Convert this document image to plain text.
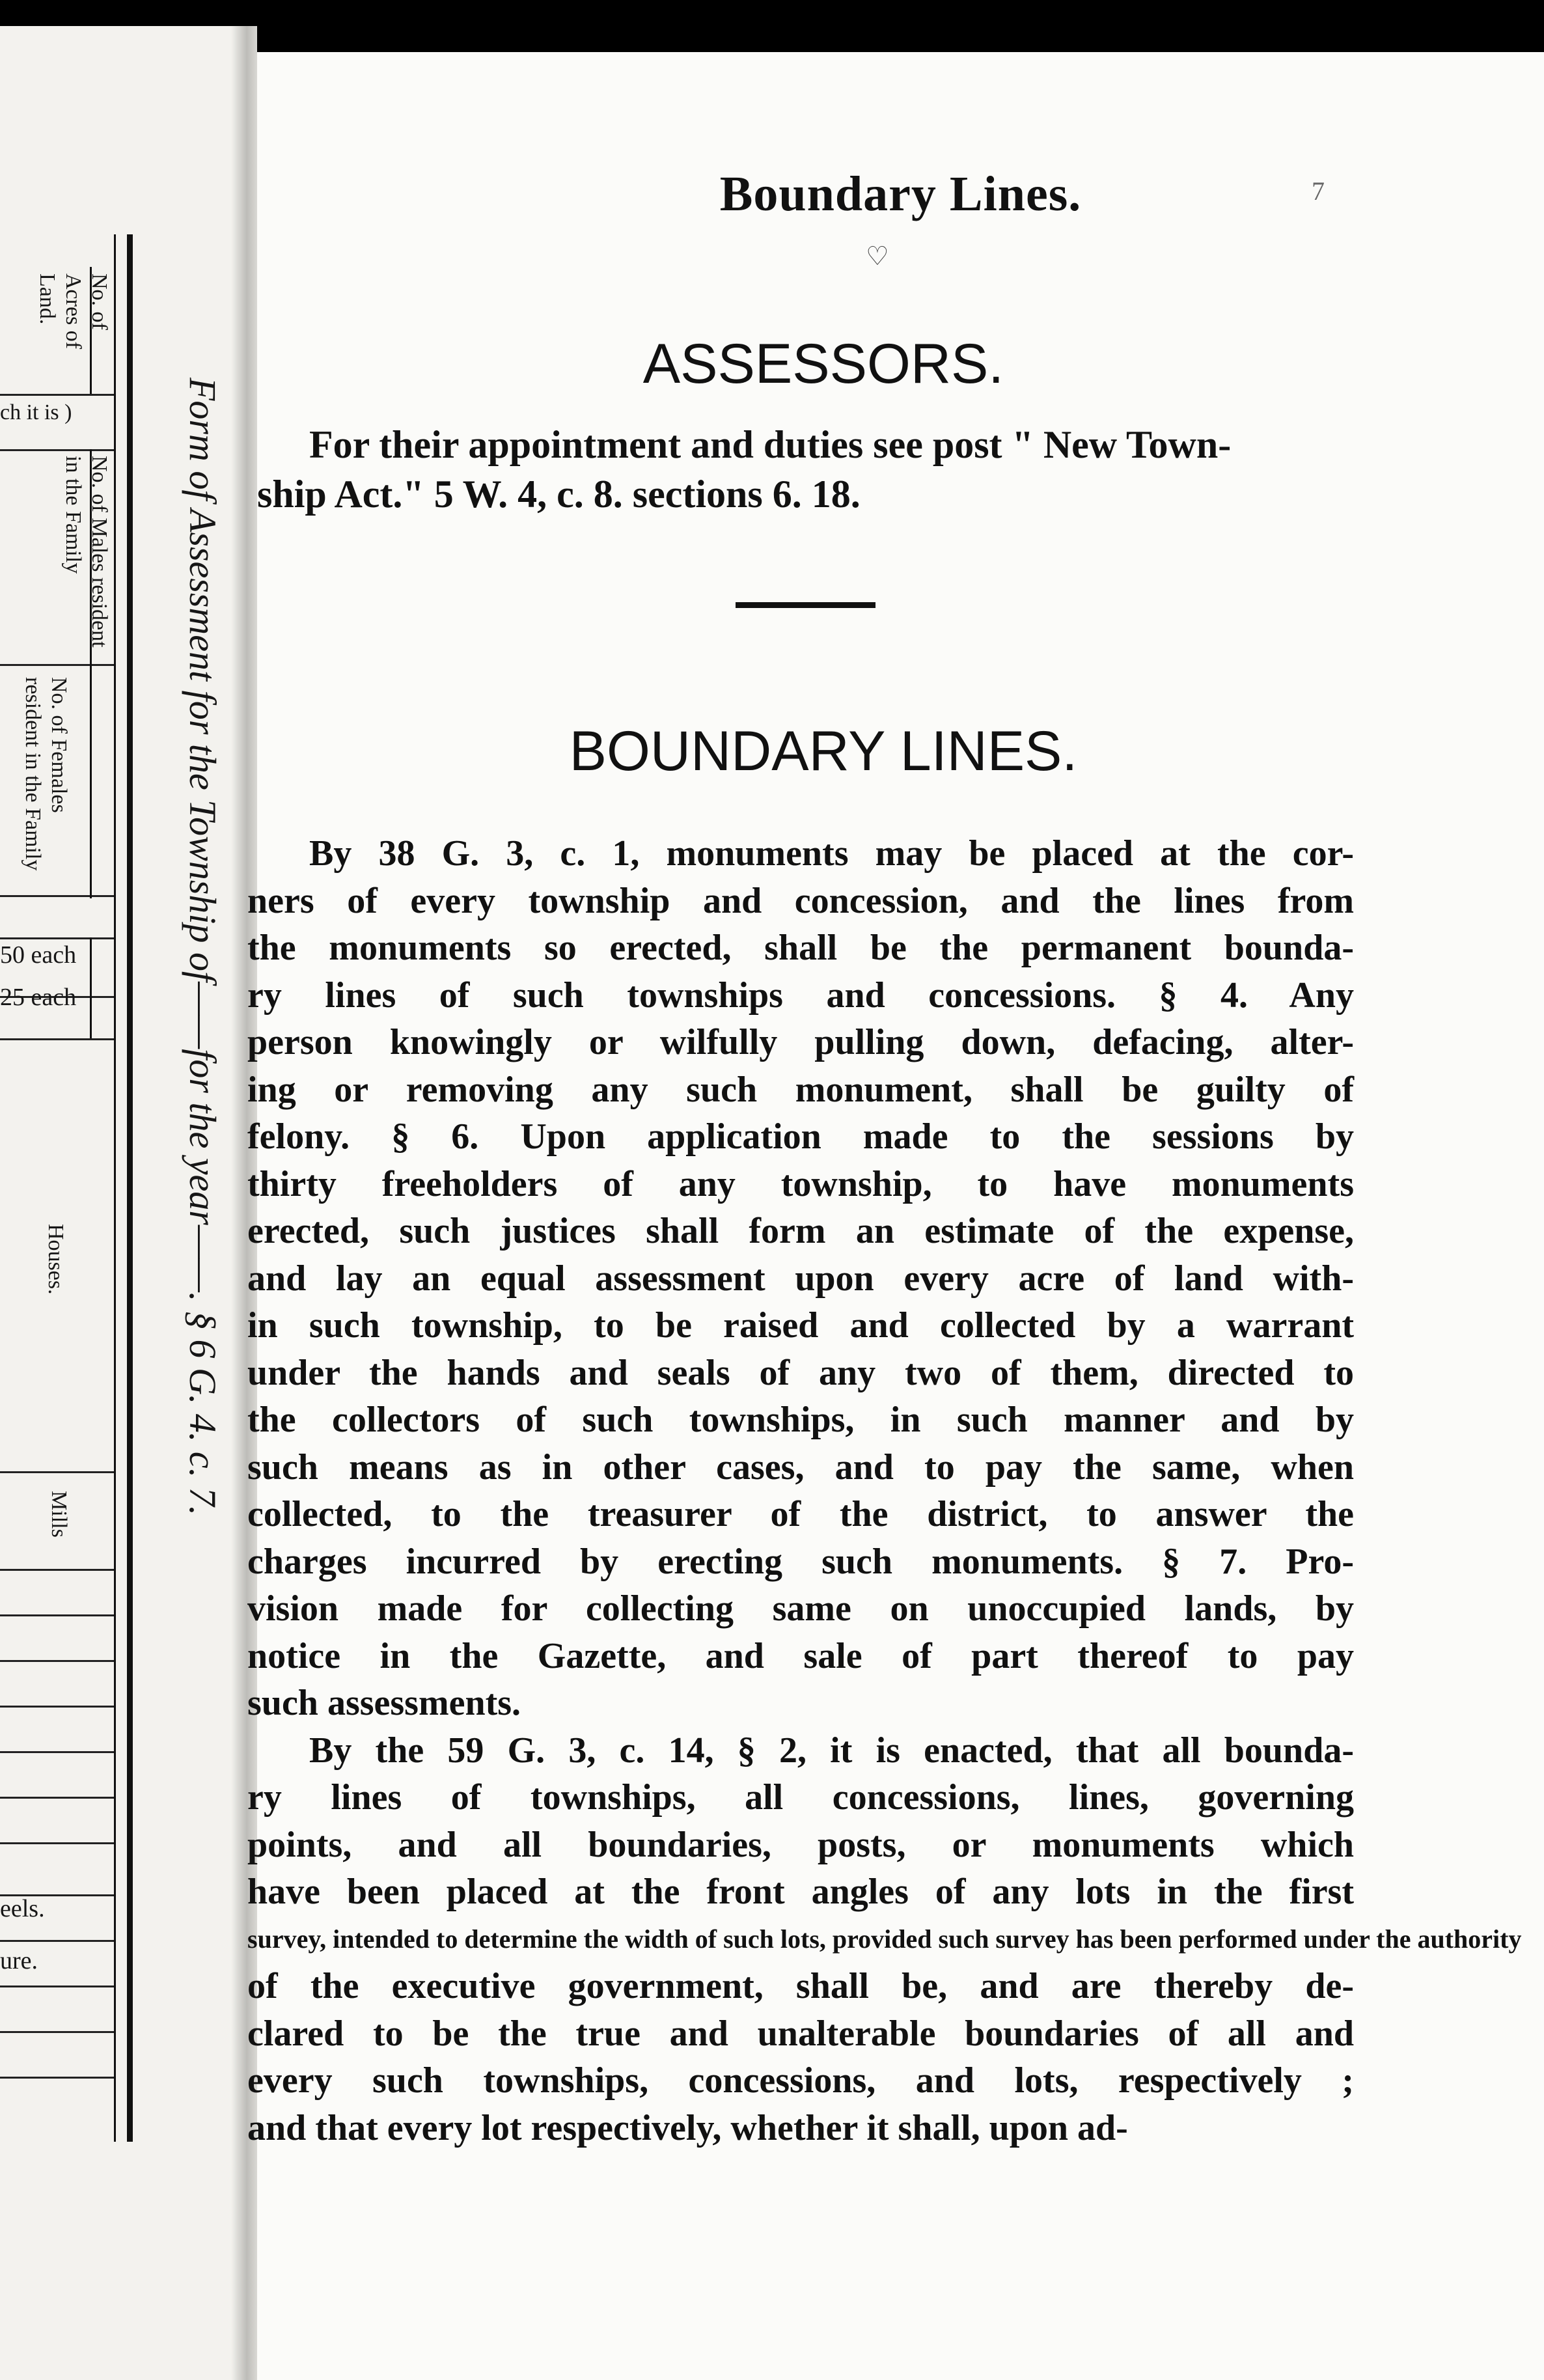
No. of Acres of Land.
No. of Males resident in the Family
No. of Females resident in the Family
Houses.
Mills
ch it is )
50 each
25 each
eels.
ure.
Form of Assessment for the Township of——for the year——. § 6 G. 4. c. 7.
Boundary Lines.	7
♡
ASSESSORS.
For their appointment and duties see post " New Town-
ship Act." 5 W. 4, c. 8. sections 6. 18.
BOUNDARY LINES.
By 38 G. 3, c. 1, monuments may be placed at the cor-
ners of every township and concession, and the lines from
the monuments so erected, shall be the permanent bounda-
ry lines of such townships and concessions. § 4. Any
person knowingly or wilfully pulling down, defacing, alter-
ing or removing any such monument, shall be guilty of
felony. § 6. Upon application made to the sessions by
thirty freeholders of any township, to have monuments
erected, such justices shall form an estimate of the expense,
and lay an equal assessment upon every acre of land with-
in such township, to be raised and collected by a warrant
under the hands and seals of any two of them, directed to
the collectors of such townships, in such manner and by
such means as in other cases, and to pay the same, when
collected, to the treasurer of the district, to answer the
charges incurred by erecting such monuments. § 7. Pro-
vision made for collecting same on unoccupied lands, by
notice in the Gazette, and sale of part thereof to pay
such assessments.
By the 59 G. 3, c. 14, § 2, it is enacted, that all bounda-
ry lines of townships, all concessions, lines, governing
points, and all boundaries, posts, or monuments which
have been placed at the front angles of any lots in the first
survey, intended to determine the width of such lots, provided such survey has been performed under the authority
of the executive government, shall be, and are thereby de-
clared to be the true and unalterable boundaries of all and
every such townships, concessions, and lots, respectively ;
and that every lot respectively, whether it shall, upon ad-
